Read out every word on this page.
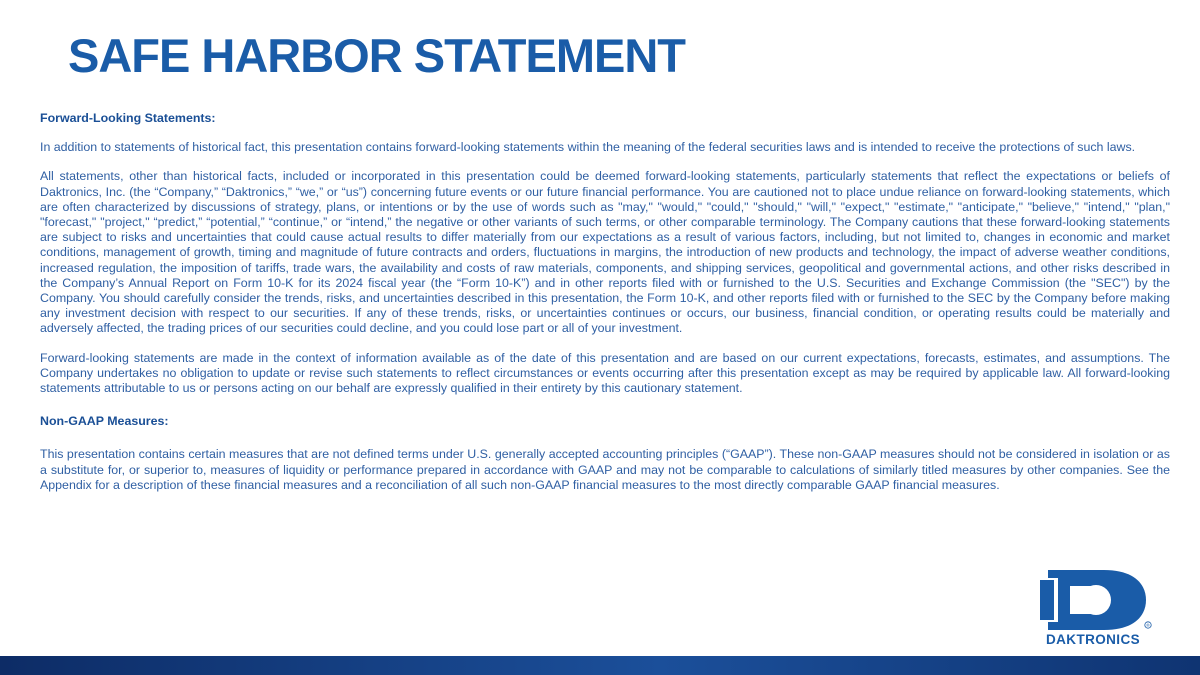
SAFE HARBOR STATEMENT

Forward-Looking Statements:

In addition to statements of historical fact, this presentation contains forward-looking statements within the meaning of the federal securities laws and is intended to receive the protections of such laws.

All statements, other than historical facts, included or incorporated in this presentation could be deemed forward-looking statements, particularly statements that reflect the expectations or beliefs of Daktronics, Inc. (the “Company,” “Daktronics,” “we,” or “us”) concerning future events or our future financial performance. You are cautioned not to place undue reliance on forward-looking statements, which are often characterized by discussions of strategy, plans, or intentions or by the use of words such as "may," "would," "could," "should," "will," "expect," "estimate," "anticipate," "believe," "intend," "plan," "forecast," "project," “predict,” “potential,” “continue,” or “intend,” the negative or other variants of such terms, or other comparable terminology. The Company cautions that these forward-looking statements are subject to risks and uncertainties that could cause actual results to differ materially from our expectations as a result of various factors, including, but not limited to, changes in economic and market conditions, management of growth, timing and magnitude of future contracts and orders, fluctuations in margins, the introduction of new products and technology, the impact of adverse weather conditions, increased regulation, the imposition of tariffs, trade wars, the availability and costs of raw materials, components, and shipping services, geopolitical and governmental actions, and other risks described in the Company’s Annual Report on Form 10-K for its 2024 fiscal year (the “Form 10-K”) and in other reports filed with or furnished to the U.S. Securities and Exchange Commission (the "SEC") by the Company. You should carefully consider the trends, risks, and uncertainties described in this presentation, the Form 10-K, and other reports filed with or furnished to the SEC by the Company before making any investment decision with respect to our securities. If any of these trends, risks, or uncertainties continues or occurs, our business, financial condition, or operating results could be materially and adversely affected, the trading prices of our securities could decline, and you could lose part or all of your investment.

Forward-looking statements are made in the context of information available as of the date of this presentation and are based on our current expectations, forecasts, estimates, and assumptions. The Company undertakes no obligation to update or revise such statements to reflect circumstances or events occurring after this presentation except as may be required by applicable law. All forward-looking statements attributable to us or persons acting on our behalf are expressly qualified in their entirety by this cautionary statement.

Non-GAAP Measures:

This presentation contains certain measures that are not defined terms under U.S. generally accepted accounting principles (“GAAP”). These non-GAAP measures should not be considered in isolation or as a substitute for, or superior to, measures of liquidity or performance prepared in accordance with GAAP and may not be comparable to calculations of similarly titled measures by other companies. See the Appendix for a description of these financial measures and a reconciliation of all such non-GAAP financial measures to the most directly comparable GAAP financial measures.

®
DAKTRONICS
